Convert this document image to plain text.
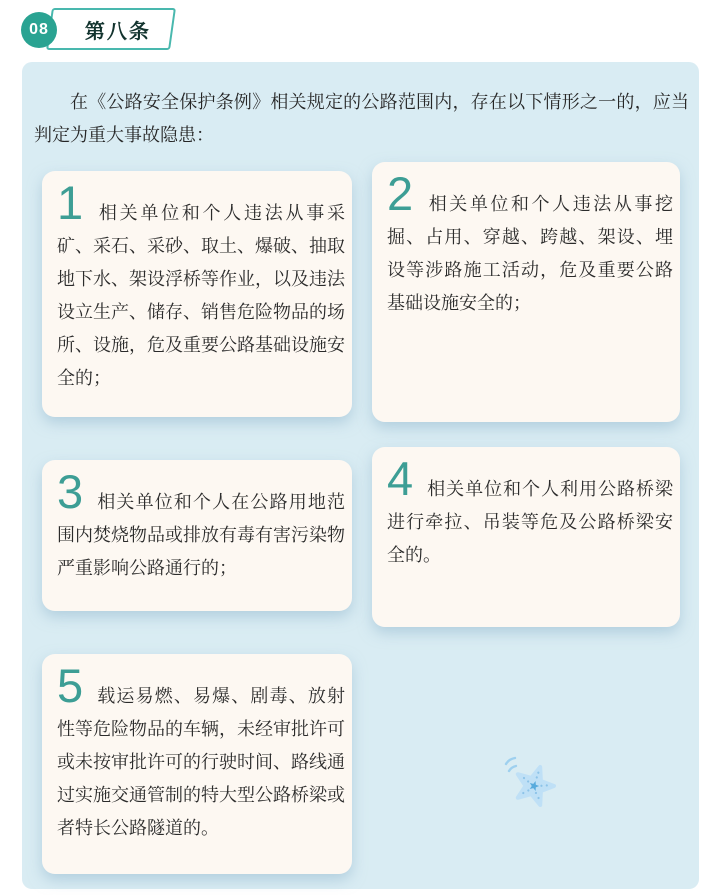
第八条
08

在《公路安全保护条例》相关规定的公路范围内，存在以下情形之一的，应当判定为重大事故隐患：

1 相关单位和个人违法从事采矿、采石、采砂、取土、爆破、抽取地下水、架设浮桥等作业，以及违法设立生产、储存、销售危险物品的场所、设施，危及重要公路基础设施安全的；

3 相关单位和个人在公路用地范围内焚烧物品或排放有毒有害污染物严重影响公路通行的；

5 载运易燃、易爆、剧毒、放射性等危险物品的车辆，未经审批许可或未按审批许可的行驶时间、路线通过实施交通管制的特大型公路桥梁或者特长公路隧道的。

2 相关单位和个人违法从事挖掘、占用、穿越、跨越、架设、埋设等涉路施工活动，危及重要公路基础设施安全的；

4 相关单位和个人利用公路桥梁进行牵拉、吊装等危及公路桥梁安全的。
